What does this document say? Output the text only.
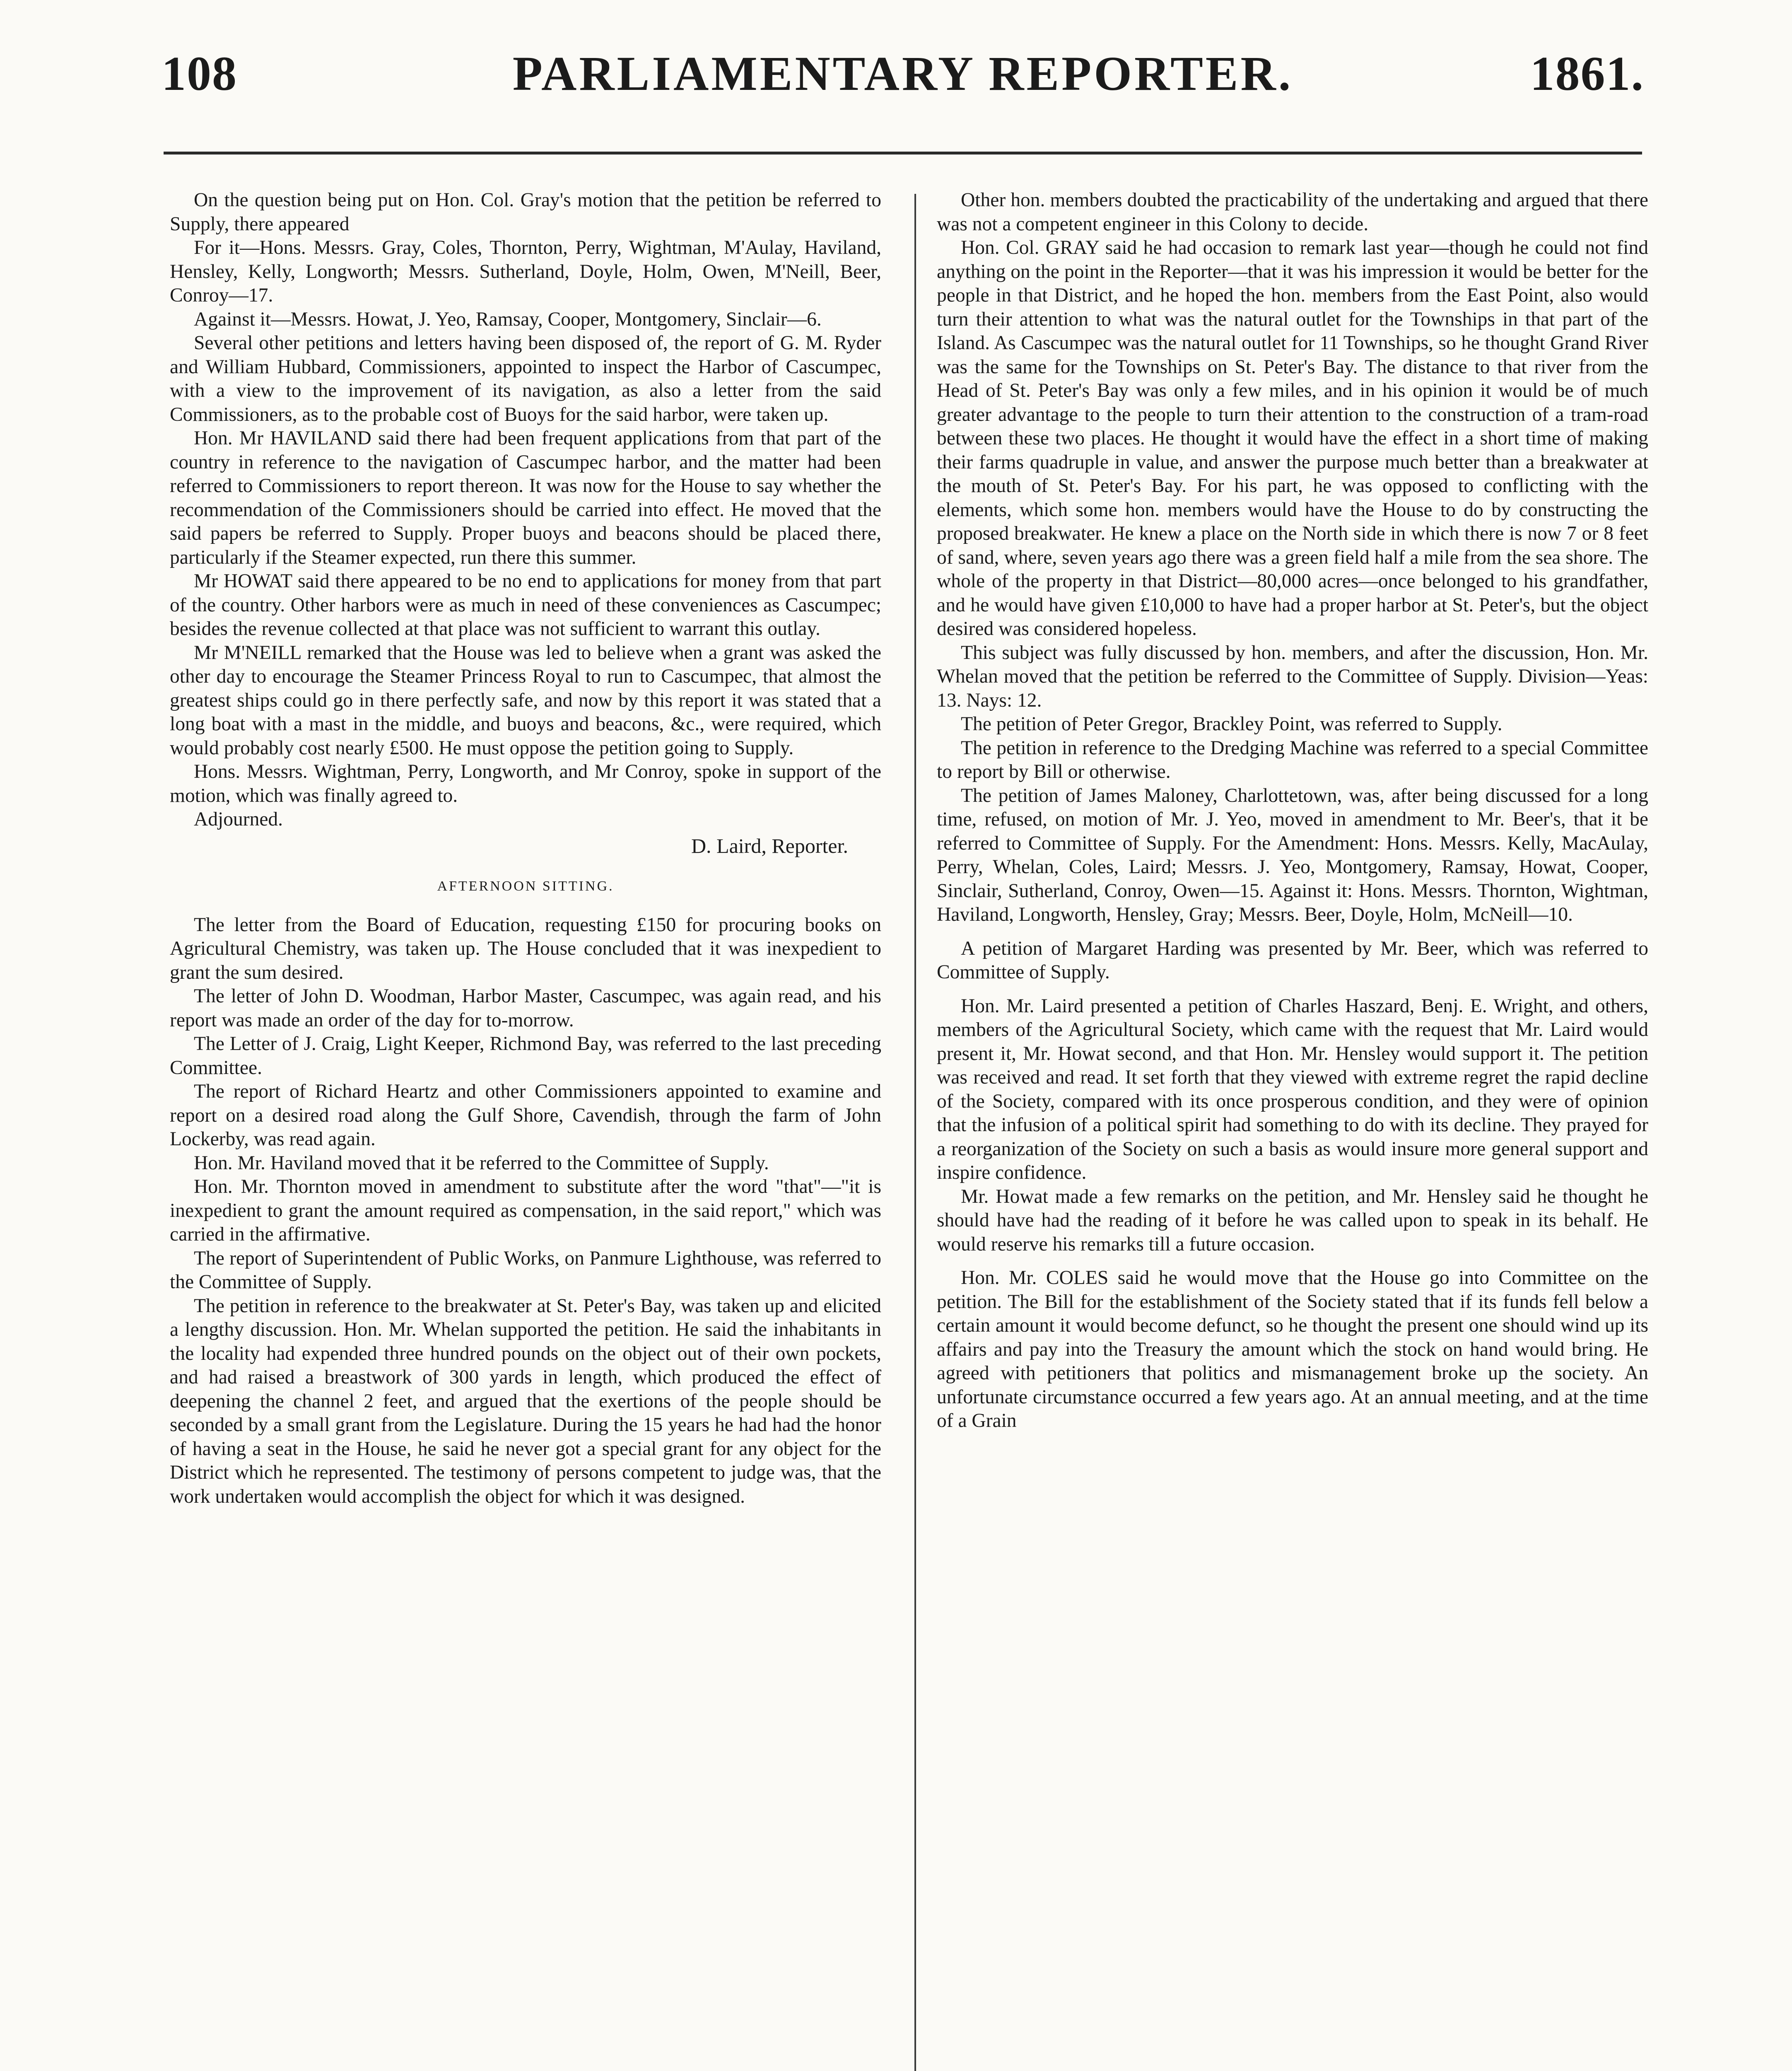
108	PARLIAMENTARY REPORTER.	1861.

On the question being put on Hon. Col. Gray's motion that the petition be referred to Supply, there appeared

For it—Hons. Messrs. Gray, Coles, Thornton, Perry, Wightman, M'Aulay, Haviland, Hensley, Kelly, Longworth; Messrs. Sutherland, Doyle, Holm, Owen, M'Neill, Beer, Conroy—17.

Against it—Messrs. Howat, J. Yeo, Ramsay, Cooper, Montgomery, Sinclair—6.

Several other petitions and letters having been disposed of, the report of G. M. Ryder and William Hubbard, Commissioners, appointed to inspect the Harbor of Cascumpec, with a view to the improvement of its navigation, as also a letter from the said Commissioners, as to the probable cost of Buoys for the said harbor, were taken up.

Hon. Mr HAVILAND said there had been frequent applications from that part of the country in reference to the navigation of Cascumpec harbor, and the matter had been referred to Commissioners to report thereon. It was now for the House to say whether the recommendation of the Commissioners should be carried into effect. He moved that the said papers be referred to Supply. Proper buoys and beacons should be placed there, particularly if the Steamer expected, run there this summer.

Mr HOWAT said there appeared to be no end to applications for money from that part of the country. Other harbors were as much in need of these conveniences as Cascumpec; besides the revenue collected at that place was not sufficient to warrant this outlay.

Mr M'NEILL remarked that the House was led to believe when a grant was asked the other day to encourage the Steamer Princess Royal to run to Cascumpec, that almost the greatest ships could go in there perfectly safe, and now by this report it was stated that a long boat with a mast in the middle, and buoys and beacons, &c., were required, which would probably cost nearly £500. He must oppose the petition going to Supply.

Hons. Messrs. Wightman, Perry, Longworth, and Mr Conroy, spoke in support of the motion, which was finally agreed to.

Adjourned.

D. Laird, Reporter.

AFTERNOON SITTING.

The letter from the Board of Education, requesting £150 for procuring books on Agricultural Chemistry, was taken up. The House concluded that it was inexpedient to grant the sum desired.

The letter of John D. Woodman, Harbor Master, Cascumpec, was again read, and his report was made an order of the day for to-morrow.

The Letter of J. Craig, Light Keeper, Richmond Bay, was referred to the last preceding Committee.

The report of Richard Heartz and other Commissioners appointed to examine and report on a desired road along the Gulf Shore, Cavendish, through the farm of John Lockerby, was read again.

Hon. Mr. Haviland moved that it be referred to the Committee of Supply.

Hon. Mr. Thornton moved in amendment to substitute after the word "that"—"it is inexpedient to grant the amount required as compensation, in the said report," which was carried in the affirmative.

The report of Superintendent of Public Works, on Panmure Lighthouse, was referred to the Committee of Supply.

The petition in reference to the breakwater at St. Peter's Bay, was taken up and elicited a lengthy discussion. Hon. Mr. Whelan supported the petition. He said the inhabitants in the locality had expended three hundred pounds on the object out of their own pockets, and had raised a breastwork of 300 yards in length, which produced the effect of deepening the channel 2 feet, and argued that the exertions of the people should be seconded by a small grant from the Legislature. During the 15 years he had had the honor of having a seat in the House, he said he never got a special grant for any object for the District which he represented. The testimony of persons competent to judge was, that the work undertaken would accomplish the object for which it was designed.

Other hon. members doubted the practicability of the undertaking and argued that there was not a competent engineer in this Colony to decide.

Hon. Col. GRAY said he had occasion to remark last year—though he could not find anything on the point in the Reporter—that it was his impression it would be better for the people in that District, and he hoped the hon. members from the East Point, also would turn their attention to what was the natural outlet for the Townships in that part of the Island. As Cascumpec was the natural outlet for 11 Townships, so he thought Grand River was the same for the Townships on St. Peter's Bay. The distance to that river from the Head of St. Peter's Bay was only a few miles, and in his opinion it would be of much greater advantage to the people to turn their attention to the construction of a tram-road between these two places. He thought it would have the effect in a short time of making their farms quadruple in value, and answer the purpose much better than a breakwater at the mouth of St. Peter's Bay. For his part, he was opposed to conflicting with the elements, which some hon. members would have the House to do by constructing the proposed breakwater. He knew a place on the North side in which there is now 7 or 8 feet of sand, where, seven years ago there was a green field half a mile from the sea shore. The whole of the property in that District—80,000 acres—once belonged to his grandfather, and he would have given £10,000 to have had a proper harbor at St. Peter's, but the object desired was considered hopeless.

This subject was fully discussed by hon. members, and after the discussion, Hon. Mr. Whelan moved that the petition be referred to the Committee of Supply. Division—Yeas: 13. Nays: 12.

The petition of Peter Gregor, Brackley Point, was referred to Supply.

The petition in reference to the Dredging Machine was referred to a special Committee to report by Bill or otherwise.

The petition of James Maloney, Charlottetown, was, after being discussed for a long time, refused, on motion of Mr. J. Yeo, moved in amendment to Mr. Beer's, that it be referred to Committee of Supply. For the Amendment: Hons. Messrs. Kelly, MacAulay, Perry, Whelan, Coles, Laird; Messrs. J. Yeo, Montgomery, Ramsay, Howat, Cooper, Sinclair, Sutherland, Conroy, Owen—15. Against it: Hons. Messrs. Thornton, Wightman, Haviland, Longworth, Hensley, Gray; Messrs. Beer, Doyle, Holm, McNeill—10.

A petition of Margaret Harding was presented by Mr. Beer, which was referred to Committee of Supply.

Hon. Mr. Laird presented a petition of Charles Haszard, Benj. E. Wright, and others, members of the Agricultural Society, which came with the request that Mr. Laird would present it, Mr. Howat second, and that Hon. Mr. Hensley would support it. The petition was received and read. It set forth that they viewed with extreme regret the rapid decline of the Society, compared with its once prosperous condition, and they were of opinion that the infusion of a political spirit had something to do with its decline. They prayed for a reorganization of the Society on such a basis as would insure more general support and inspire confidence.

Mr. Howat made a few remarks on the petition, and Mr. Hensley said he thought he should have had the reading of it before he was called upon to speak in its behalf. He would reserve his remarks till a future occasion.

Hon. Mr. COLES said he would move that the House go into Committee on the petition. The Bill for the establishment of the Society stated that if its funds fell below a certain amount it would become defunct, so he thought the present one should wind up its affairs and pay into the Treasury the amount which the stock on hand would bring. He agreed with petitioners that politics and mismanagement broke up the society. An unfortunate circumstance occurred a few years ago. At an annual meeting, and at the time of a Grain
